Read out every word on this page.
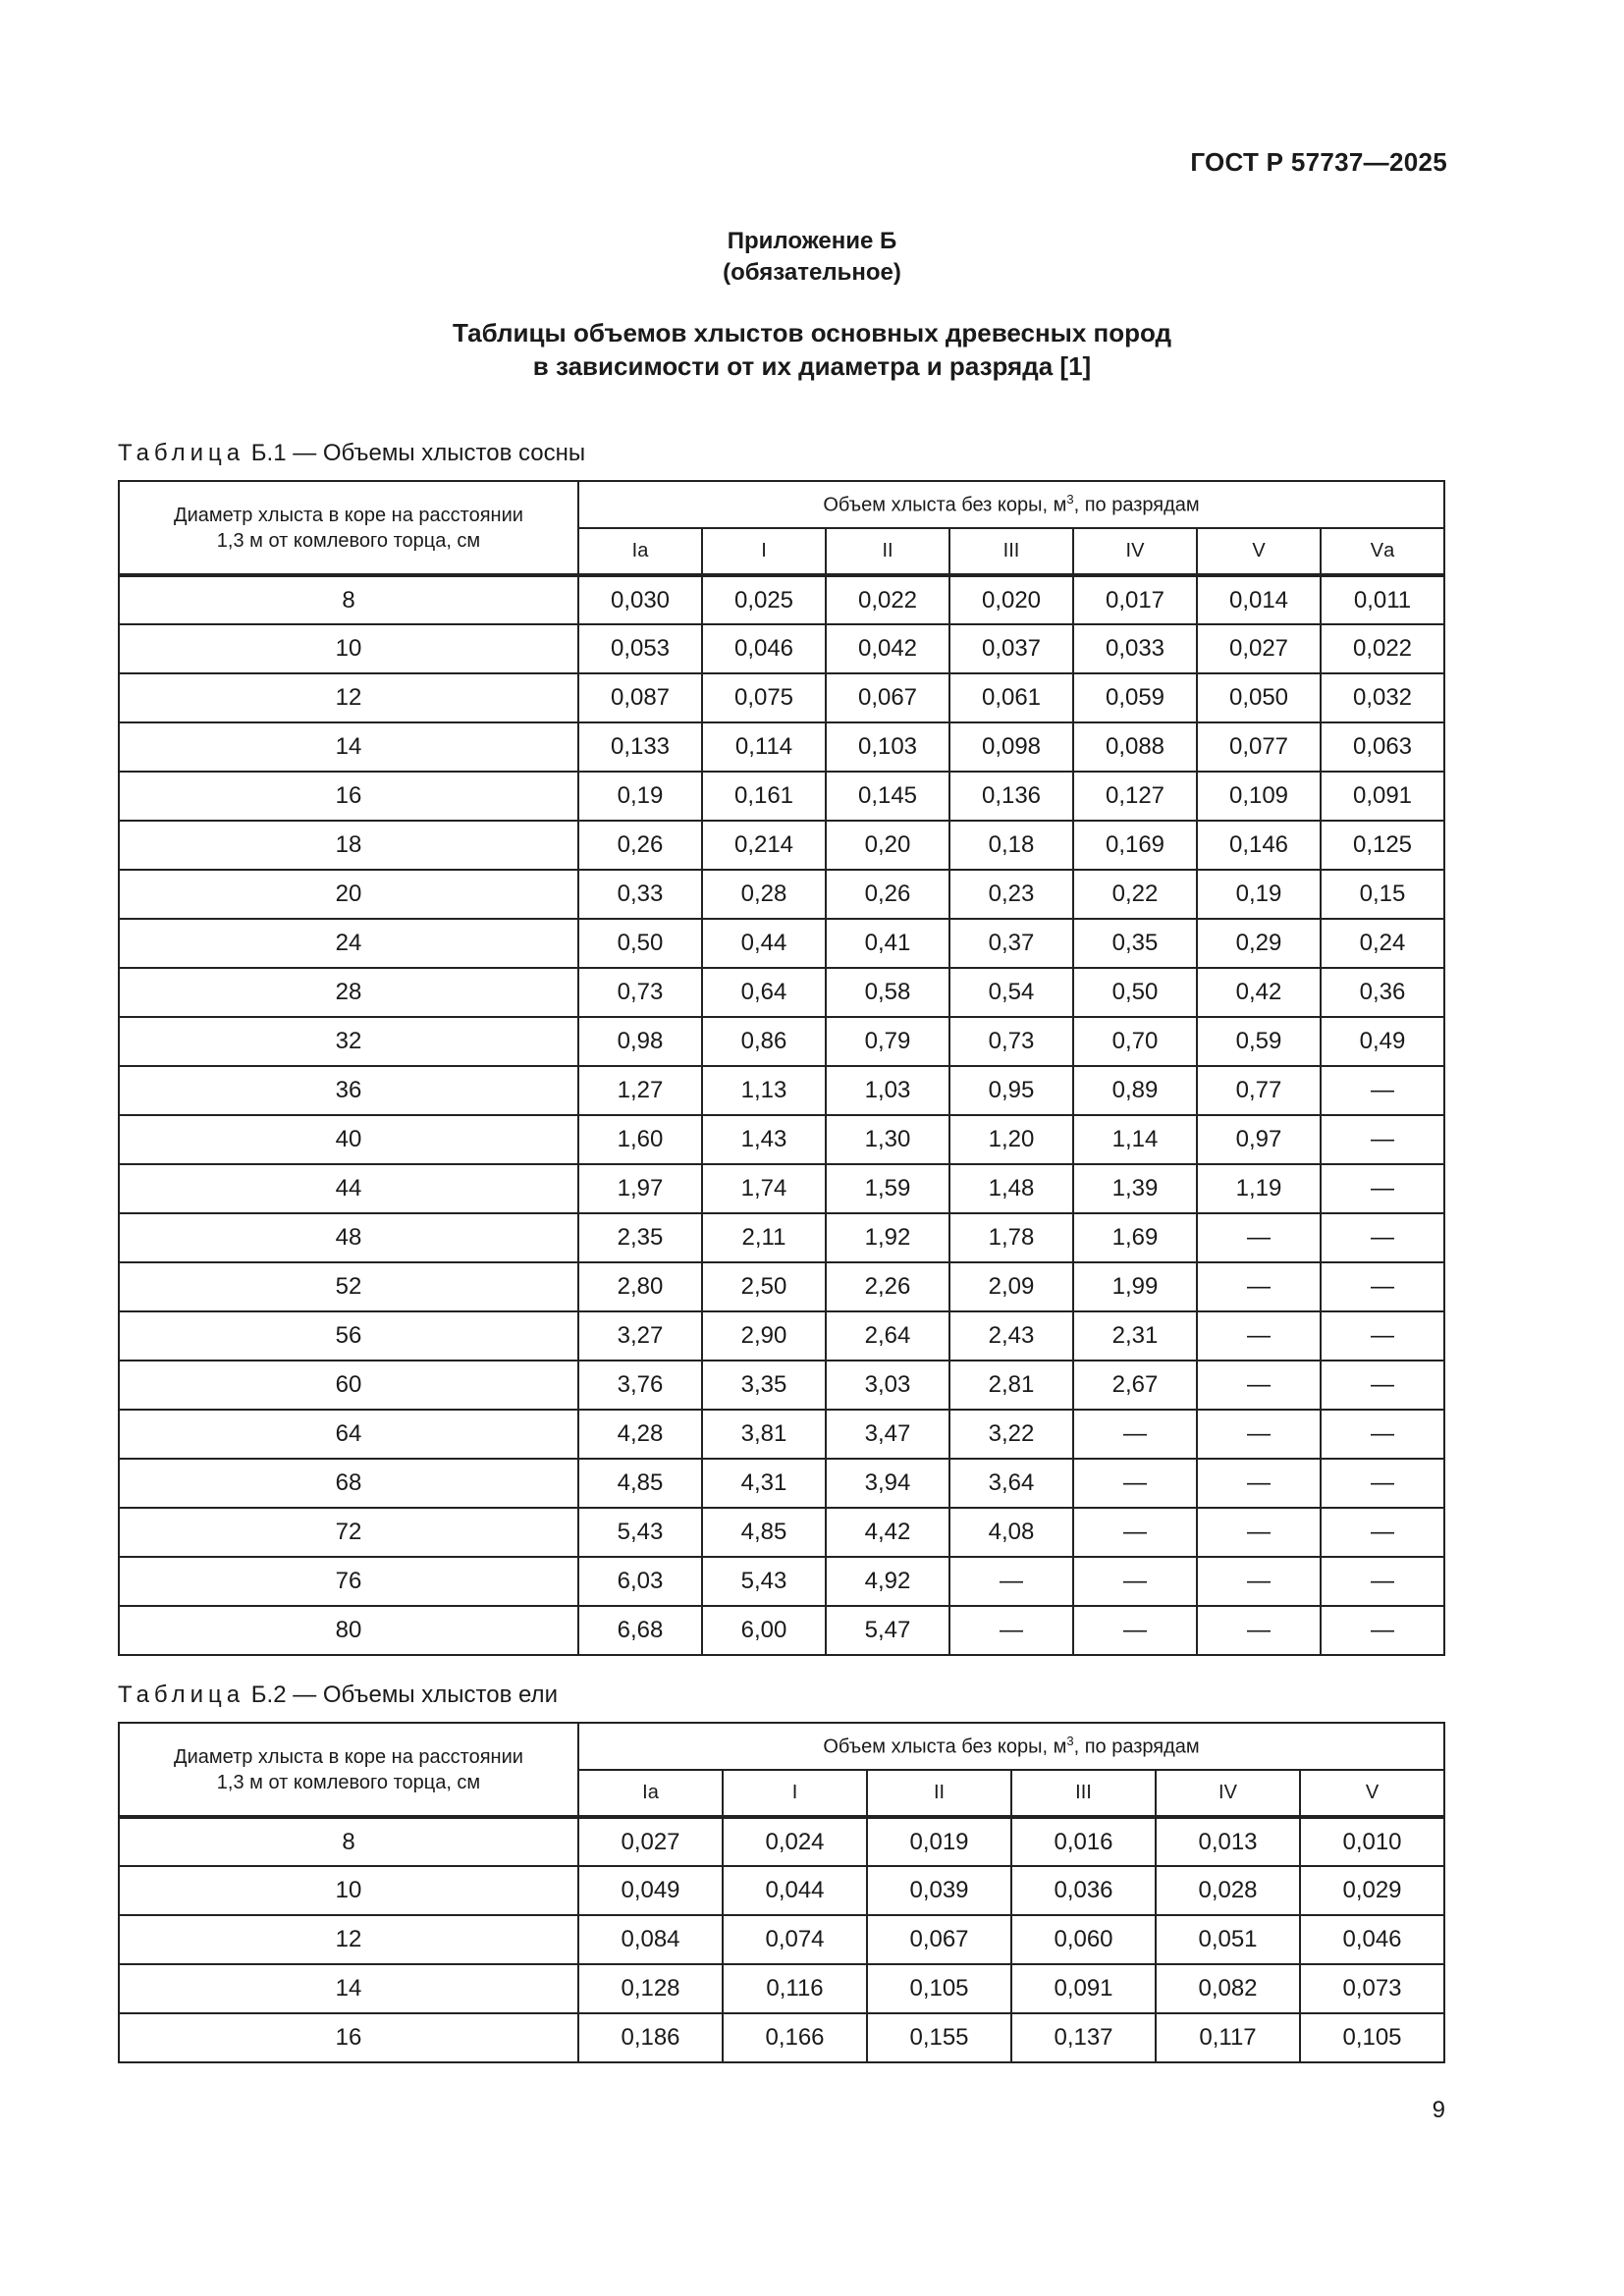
ГОСТ Р 57737—2025
Приложение Б
(обязательное)
Таблицы объемов хлыстов основных древесных пород
в зависимости от их диаметра и разряда [1]
Таблица Б.1 — Объемы хлыстов сосны
Диаметр хлыста в коре на расстоянии
1,3 м от комлевого торца, см	Объем хлыста без коры, $м^3$, по разрядам						
	Iа	I	II	III	IV	V	Vа
8	0,030	0,025	0,022	0,020	0,017	0,014	0,011
10	0,053	0,046	0,042	0,037	0,033	0,027	0,022
12	0,087	0,075	0,067	0,061	0,059	0,050	0,032
14	0,133	0,114	0,103	0,098	0,088	0,077	0,063
16	0,19	0,161	0,145	0,136	0,127	0,109	0,091
18	0,26	0,214	0,20	0,18	0,169	0,146	0,125
20	0,33	0,28	0,26	0,23	0,22	0,19	0,15
24	0,50	0,44	0,41	0,37	0,35	0,29	0,24
28	0,73	0,64	0,58	0,54	0,50	0,42	0,36
32	0,98	0,86	0,79	0,73	0,70	0,59	0,49
36	1,27	1,13	1,03	0,95	0,89	0,77	—
40	1,60	1,43	1,30	1,20	1,14	0,97	—
44	1,97	1,74	1,59	1,48	1,39	1,19	—
48	2,35	2,11	1,92	1,78	1,69	—	—
52	2,80	2,50	2,26	2,09	1,99	—	—
56	3,27	2,90	2,64	2,43	2,31	—	—
60	3,76	3,35	3,03	2,81	2,67	—	—
64	4,28	3,81	3,47	3,22	—	—	—
68	4,85	4,31	3,94	3,64	—	—	—
72	5,43	4,85	4,42	4,08	—	—	—
76	6,03	5,43	4,92	—	—	—	—
80	6,68	6,00	5,47	—	—	—	—
Таблица Б.2 — Объемы хлыстов ели
Диаметр хлыста в коре на расстоянии
1,3 м от комлевого торца, см	Объем хлыста без коры, $м^3$, по разрядам					
	Iа	I	II	III	IV	V
8	0,027	0,024	0,019	0,016	0,013	0,010
10	0,049	0,044	0,039	0,036	0,028	0,029
12	0,084	0,074	0,067	0,060	0,051	0,046
14	0,128	0,116	0,105	0,091	0,082	0,073
16	0,186	0,166	0,155	0,137	0,117	0,105
9
